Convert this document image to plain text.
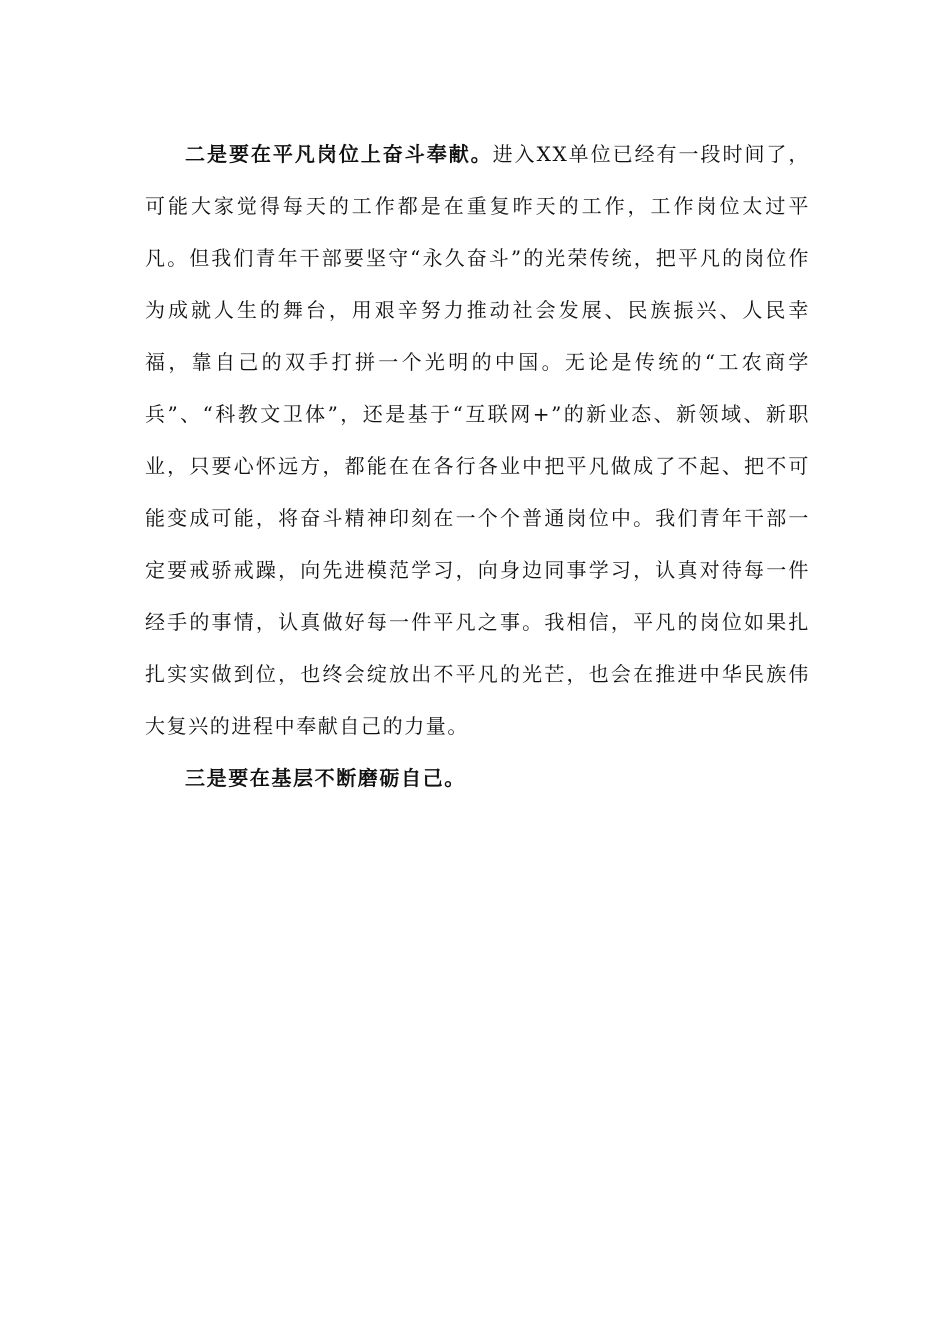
二是要在平凡岗位上奋斗奉献。进入XX单位已经有一段时间了，可能大家觉得每天的工作都是在重复昨天的工作，工作岗位太过平凡。但我们青年干部要坚守“永久奋斗”的光荣传统，把平凡的岗位作为成就人生的舞台，用艰辛努力推动社会发展、民族振兴、人民幸福，靠自己的双手打拼一个光明的中国。无论是传统的“工农商学兵”、“科教文卫体”，还是基于“互联网+”的新业态、新领域、新职业，只要心怀远方，都能在在各行各业中把平凡做成了不起、把不可能变成可能，将奋斗精神印刻在一个个普通岗位中。我们青年干部一定要戒骄戒躁，向先进模范学习，向身边同事学习，认真对待每一件经手的事情，认真做好每一件平凡之事。我相信，平凡的岗位如果扎扎实实做到位，也终会绽放出不平凡的光芒，也会在推进中华民族伟大复兴的进程中奉献自己的力量。

三是要在基层不断磨砺自己。
